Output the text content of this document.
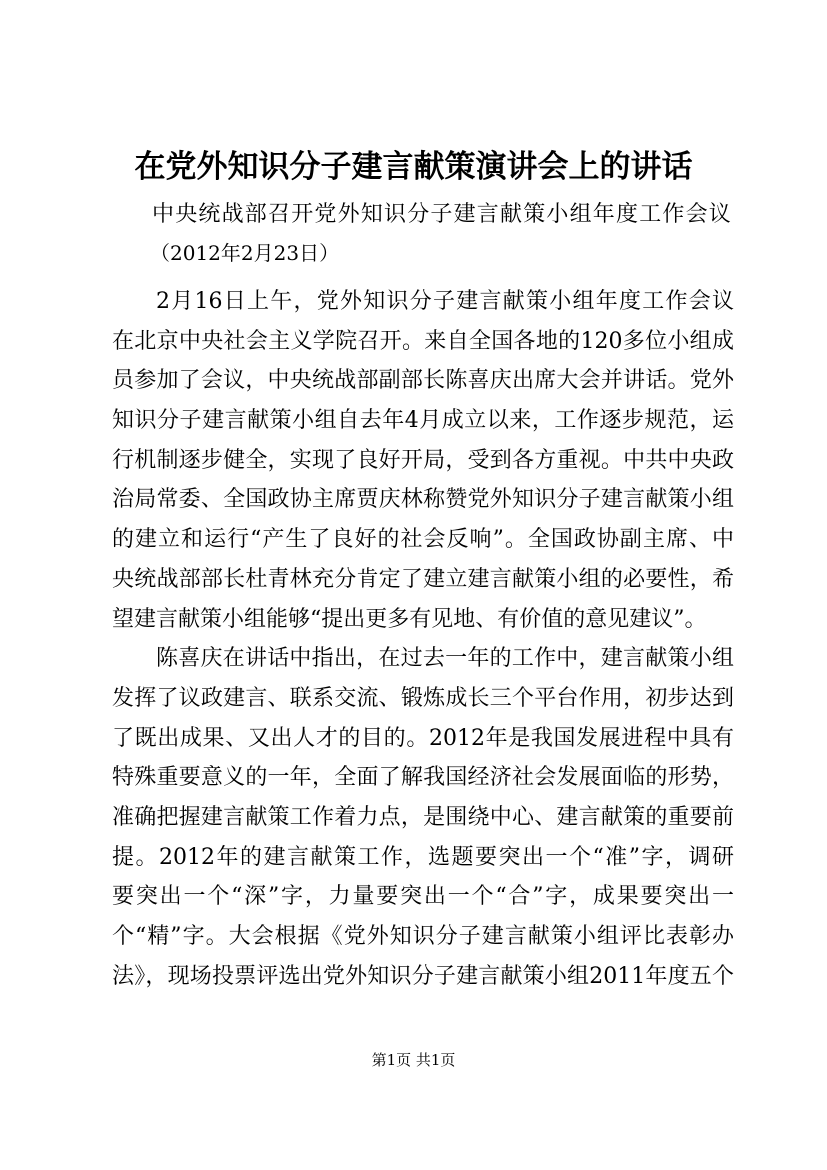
在党外知识分子建言献策演讲会上的讲话
中央统战部召开党外知识分子建言献策小组年度工作会议
（2012年2月23日）
2月16日上午，党外知识分子建言献策小组年度工作会议
在北京中央社会主义学院召开。来自全国各地的120多位小组成
员参加了会议，中央统战部副部长陈喜庆出席大会并讲话。党外
知识分子建言献策小组自去年4月成立以来，工作逐步规范，运
行机制逐步健全，实现了良好开局，受到各方重视。中共中央政
治局常委、全国政协主席贾庆林称赞党外知识分子建言献策小组
的建立和运行“产生了良好的社会反响”。全国政协副主席、中
央统战部部长杜青林充分肯定了建立建言献策小组的必要性，希
望建言献策小组能够“提出更多有见地、有价值的意见建议”。
陈喜庆在讲话中指出，在过去一年的工作中，建言献策小组
发挥了议政建言、联系交流、锻炼成长三个平台作用，初步达到
了既出成果、又出人才的目的。2012年是我国发展进程中具有
特殊重要意义的一年，全面了解我国经济社会发展面临的形势，
准确把握建言献策工作着力点，是围绕中心、建言献策的重要前
提。2012年的建言献策工作，选题要突出一个“准”字，调研
要突出一个“深”字，力量要突出一个“合”字，成果要突出一
个“精”字。大会根据《党外知识分子建言献策小组评比表彰办
法》，现场投票评选出党外知识分子建言献策小组2011年度五个
第1页 共1页
